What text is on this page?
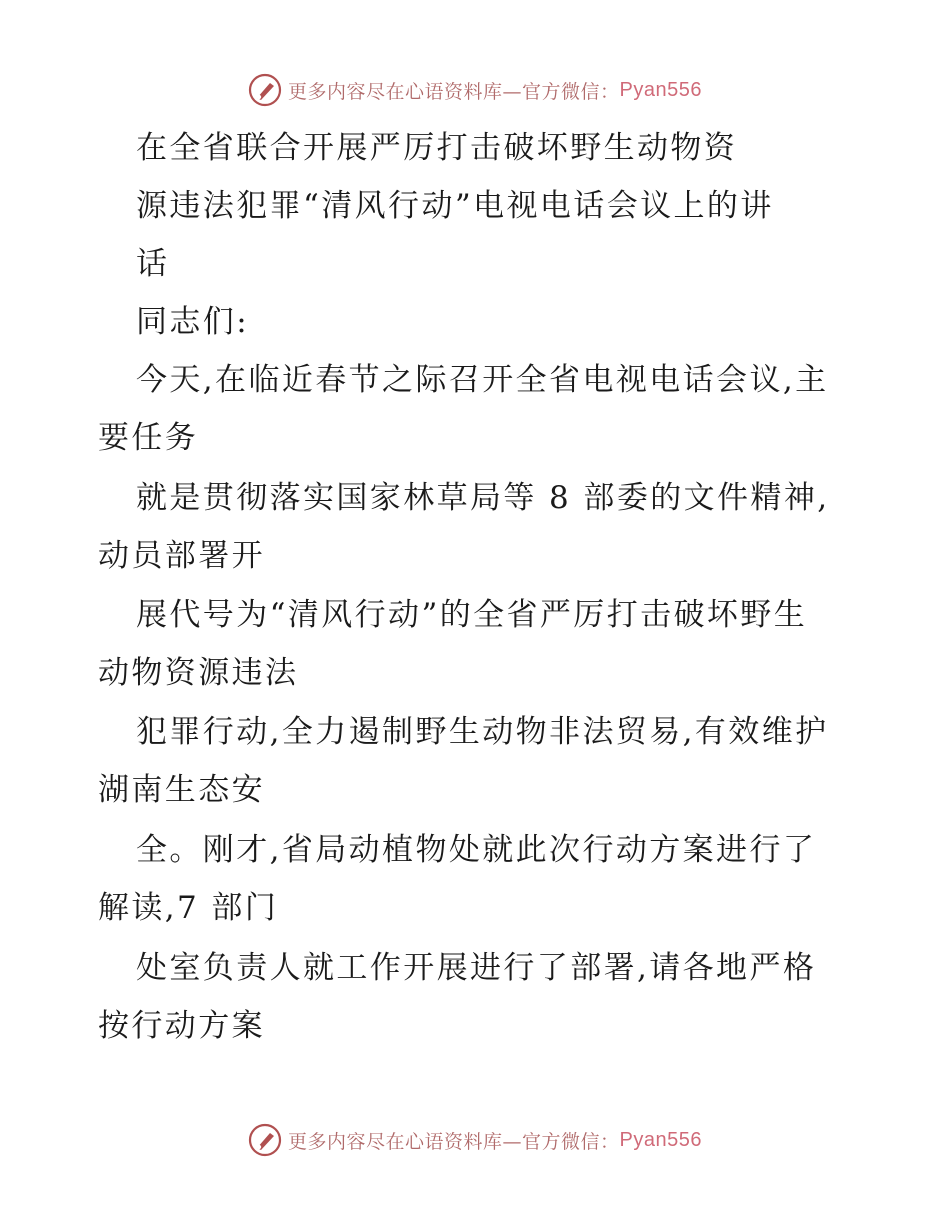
更多内容尽在心语资料库—官方微信： Pyan556
在全省联合开展严厉打击破坏野生动物资
源违法犯罪“清风行动”电视电话会议上的讲
话
同志们:
今天,在临近春节之际召开全省电视电话会议,主
要任务
就是贯彻落实国家林草局等 8 部委的文件精神,
动员部署开
展代号为“清风行动”的全省严厉打击破坏野生
动物资源违法
犯罪行动,全力遏制野生动物非法贸易,有效维护
湖南生态安
全。刚才,省局动植物处就此次行动方案进行了
解读,7 部门
处室负责人就工作开展进行了部署,请各地严格
按行动方案
更多内容尽在心语资料库—官方微信： Pyan556
